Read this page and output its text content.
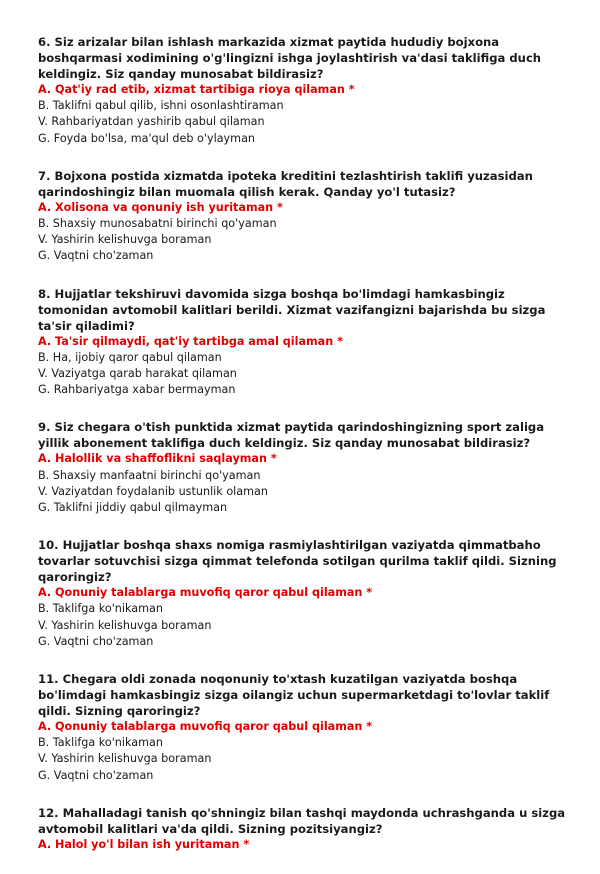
6. Siz arizalar bilan ishlash markazida xizmat paytida hududiy bojxona boshqarmasi xodimining o'g'lingizni ishga joylashtirish va'dasi taklifiga duch keldingiz. Siz qanday munosabat bildirasiz?

A. Qat'iy rad etib, xizmat tartibiga rioya qilaman *

B. Taklifni qabul qilib, ishni osonlashtiraman

V. Rahbariyatdan yashirib qabul qilaman

G. Foyda bo'lsa, ma'qul deb o'ylayman

7. Bojxona postida xizmatda ipoteka kreditini tezlashtirish taklifi yuzasidan qarindoshingiz bilan muomala qilish kerak. Qanday yo'l tutasiz?

A. Xolisona va qonuniy ish yuritaman *

B. Shaxsiy munosabatni birinchi qo'yaman

V. Yashirin kelishuvga boraman

G. Vaqtni cho'zaman

8. Hujjatlar tekshiruvi davomida sizga boshqa bo'limdagi hamkasbingiz tomonidan avtomobil kalitlari berildi. Xizmat vazifangizni bajarishda bu sizga ta'sir qiladimi?

A. Ta'sir qilmaydi, qat'iy tartibga amal qilaman *

B. Ha, ijobiy qaror qabul qilaman

V. Vaziyatga qarab harakat qilaman

G. Rahbariyatga xabar bermayman

9. Siz chegara o'tish punktida xizmat paytida qarindoshingizning sport zaliga yillik abonement taklifiga duch keldingiz. Siz qanday munosabat bildirasiz?

A. Halollik va shaffoflikni saqlayman *

B. Shaxsiy manfaatni birinchi qo'yaman

V. Vaziyatdan foydalanib ustunlik olaman

G. Taklifni jiddiy qabul qilmayman

10. Hujjatlar boshqa shaxs nomiga rasmiylashtirilgan vaziyatda qimmatbaho tovarlar sotuvchisi sizga qimmat telefonda sotilgan qurilma taklif qildi. Sizning qaroringiz?

A. Qonuniy talablarga muvofiq qaror qabul qilaman *

B. Taklifga ko'nikaman

V. Yashirin kelishuvga boraman

G. Vaqtni cho'zaman

11. Chegara oldi zonada noqonuniy to'xtash kuzatilgan vaziyatda boshqa bo'limdagi hamkasbingiz sizga oilangiz uchun supermarketdagi to'lovlar taklif qildi. Sizning qaroringiz?

A. Qonuniy talablarga muvofiq qaror qabul qilaman *

B. Taklifga ko'nikaman

V. Yashirin kelishuvga boraman

G. Vaqtni cho'zaman

12. Mahalladagi tanish qo'shningiz bilan tashqi maydonda uchrashganda u sizga avtomobil kalitlari va'da qildi. Sizning pozitsiyangiz?

A. Halol yo'l bilan ish yuritaman *
